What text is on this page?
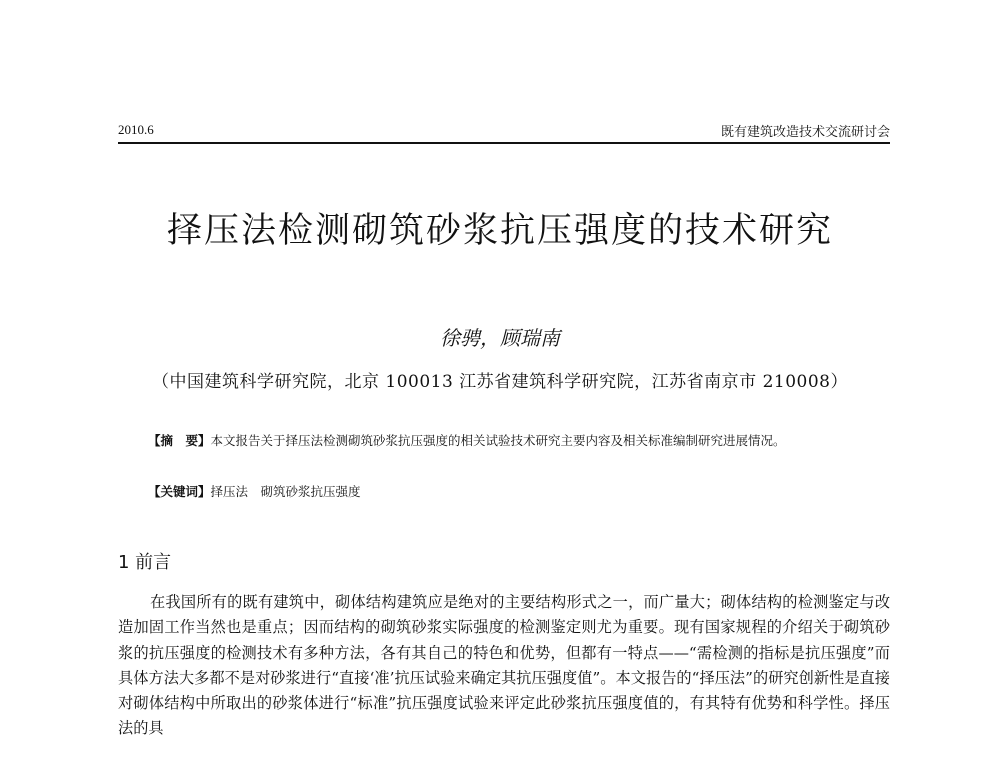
2010.6	既有建筑改造技术交流研讨会
择压法检测砌筑砂浆抗压强度的技术研究
徐骋，顾瑞南
（中国建筑科学研究院，北京 100013 江苏省建筑科学研究院，江苏省南京市 210008）
【摘　要】本文报告关于择压法检测砌筑砂浆抗压强度的相关试验技术研究主要内容及相关标准编制研究进展情况。
【关键词】择压法　砌筑砂浆抗压强度
1 前言
在我国所有的既有建筑中，砌体结构建筑应是绝对的主要结构形式之一，而广量大；砌体结构的检测鉴定与改造加固工作当然也是重点；因而结构的砌筑砂浆实际强度的检测鉴定则尤为重要。现有国家规程的介绍关于砌筑砂浆的抗压强度的检测技术有多种方法，各有其自己的特色和优势，但都有一特点——“需检测的指标是抗压强度”而具体方法大多都不是对砂浆进行“直接‘准’抗压试验来确定其抗压强度值”。本文报告的“择压法”的研究创新性是直接对砌体结构中所取出的砂浆体进行“标准”抗压强度试验来评定此砂浆抗压强度值的，有其特有优势和科学性。择压法的具
